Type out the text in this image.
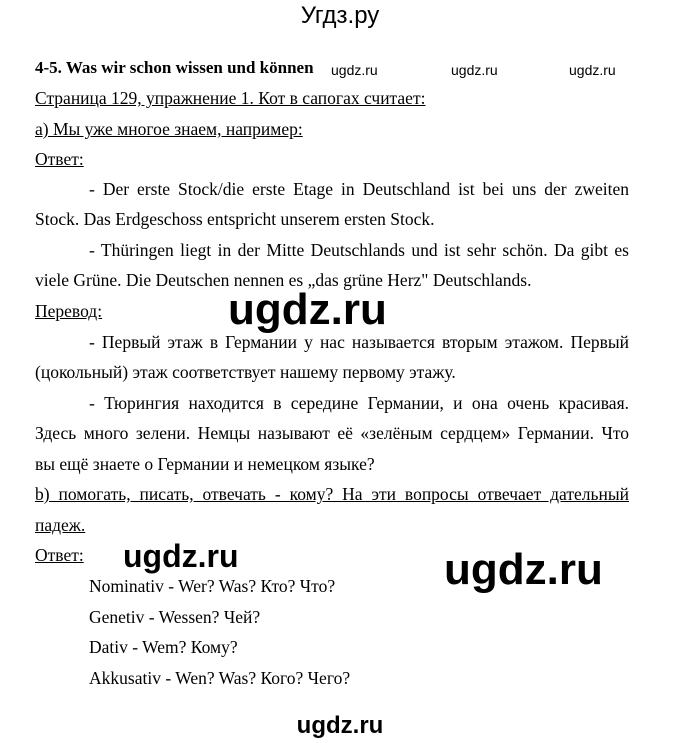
Угдз.ру
ugdz.ru	ugdz.ru	ugdz.ru
4-5. Was wir schon wissen und können
Страница 129, упражнение 1. Кот в сапогах считает:
а) Мы уже многое знаем, например:
Ответ:
- Der erste Stock/die erste Etage in Deutschland ist bei uns der zweiten
Stock. Das Erdgeschoss entspricht unserem ersten Stock.
- Thüringen liegt in der Mitte Deutschlands und ist sehr schön. Da gibt es
viele Grüne. Die Deutschen nennen es „das grüne Herz" Deutschlands.
Перевод:	ugdz.ru
- Первый этаж в Германии у нас называется вторым этажом. Первый
(цокольный) этаж соответствует нашему первому этажу.
- Тюрингия находится в середине Германии, и она очень красивая.
Здесь много зелени. Немцы называют её «зелёным сердцем» Германии. Что
вы ещё знаете о Германии и немецком языке?
b) помогать, писать, отвечать - кому? На эти вопросы отвечает дательный
падеж.
Ответ: ugdz.ru	ugdz.ru
Nominativ - Wer? Was? Кто? Что?
Genetiv - Wessen? Чей?
Dativ - Wem? Кому?
Akkusativ - Wen? Was? Кого? Чего?
ugdz.ru
